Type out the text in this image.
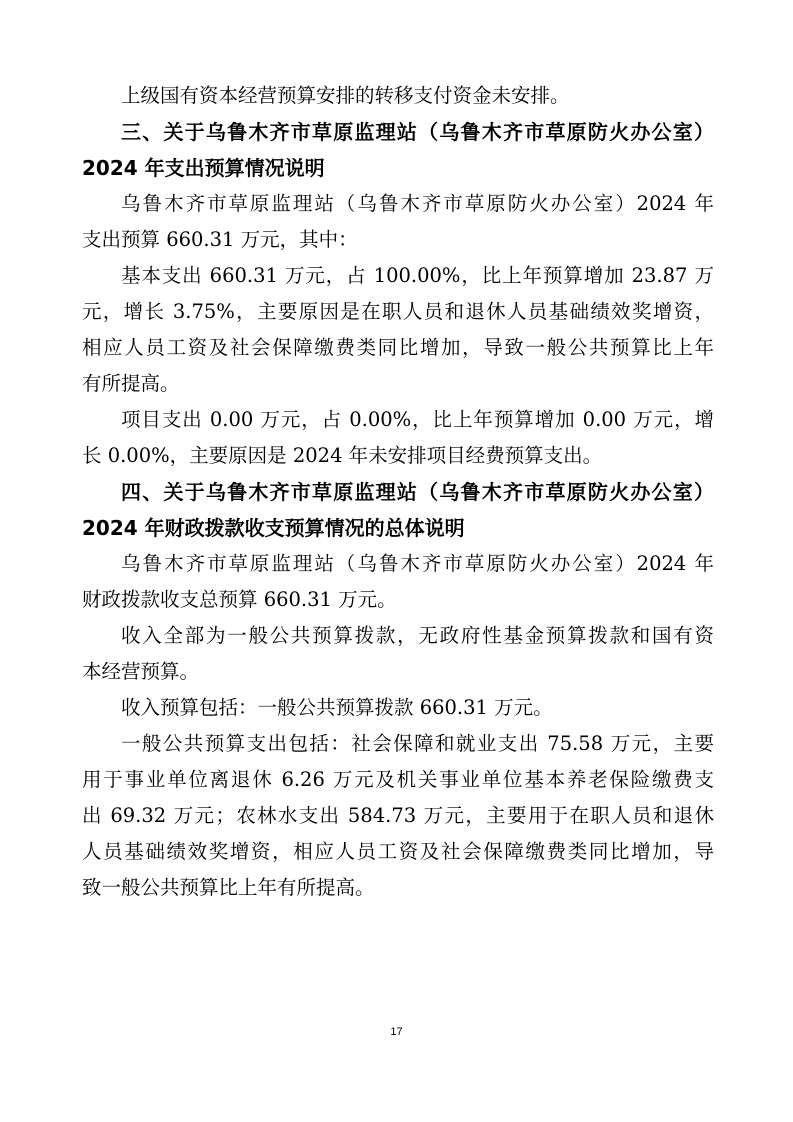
上级国有资本经营预算安排的转移支付资金未安排。
三、关于乌鲁木齐市草原监理站（乌鲁木齐市草原防火办公室）
2024 年支出预算情况说明
乌鲁木齐市草原监理站（乌鲁木齐市草原防火办公室）2024 年
支出预算 660.31 万元，其中：
基本支出 660.31 万元，占 100.00%，比上年预算增加 23.87 万
元，增长 3.75%，主要原因是在职人员和退休人员基础绩效奖增资，
相应人员工资及社会保障缴费类同比增加，导致一般公共预算比上年
有所提高。
项目支出 0.00 万元，占 0.00%，比上年预算增加 0.00 万元，增
长 0.00%，主要原因是 2024 年未安排项目经费预算支出。
四、关于乌鲁木齐市草原监理站（乌鲁木齐市草原防火办公室）
2024 年财政拨款收支预算情况的总体说明
乌鲁木齐市草原监理站（乌鲁木齐市草原防火办公室）2024 年
财政拨款收支总预算 660.31 万元。
收入全部为一般公共预算拨款，无政府性基金预算拨款和国有资
本经营预算。
收入预算包括：一般公共预算拨款 660.31 万元。
一般公共预算支出包括：社会保障和就业支出 75.58 万元，主要
用于事业单位离退休 6.26 万元及机关事业单位基本养老保险缴费支
出 69.32 万元；农林水支出 584.73 万元，主要用于在职人员和退休
人员基础绩效奖增资，相应人员工资及社会保障缴费类同比增加，导
致一般公共预算比上年有所提高。
17
